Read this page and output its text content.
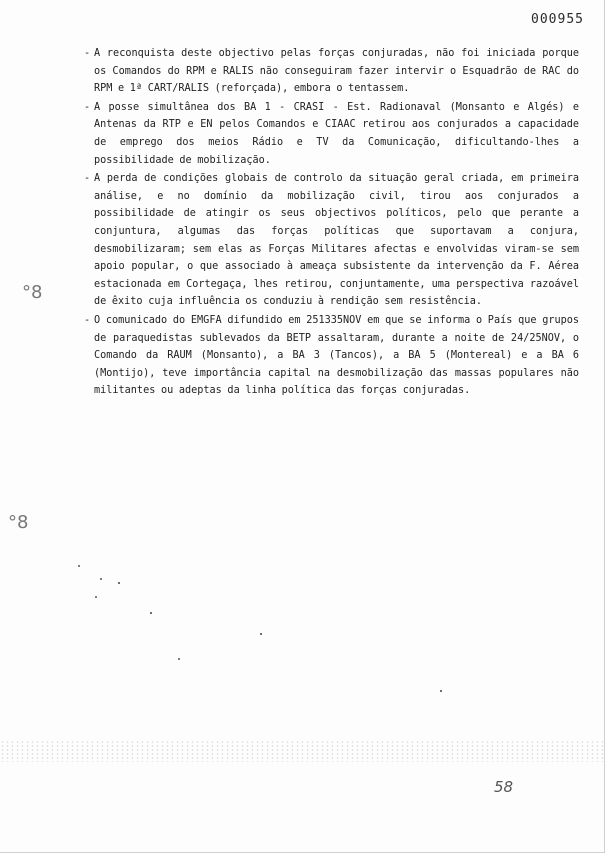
000955

- A reconquista deste objectivo pelas forças conjuradas, não foi iniciada porque os Comandos do RPM e RALIS não conseguiram fazer intervir o Esquadrão de RAC do RPM e 1ª CART/RALIS (reforçada), embora o tentassem.

- A posse simultânea dos BA 1 - CRASI - Est. Radionaval (Monsanto e Algés) e Antenas da RTP e EN pelos Comandos e CIAAC retirou aos conjurados a capacidade de emprego dos meios Rádio e TV da Comunicação, dificultando-lhes a possibilidade de mobilização.

- A perda de condições globais de controlo da situação geral criada, em primeira análise, e no domínio da mobilização civil, tirou aos conjurados a possibilidade de atingir os seus objectivos políticos, pelo que perante a conjuntura, algumas das forças políticas que suportavam a conjura, desmobilizaram; sem elas as Forças Militares afectas e envolvidas viram-se sem apoio popular, o que associado à ameaça subsistente da intervenção da F. Aérea estacionada em Cortegaça, lhes retirou, conjuntamente, uma perspectiva razoável de êxito cuja influência os conduziu à rendição sem resistência.

- O comunicado do EMGFA difundido em 251335NOV em que se informa o País que grupos de paraquedistas sublevados da BETP assaltaram, durante a noite de 24/25NOV, o Comando da RAUM (Monsanto), a BA 3 (Tancos), a BA 5 (Montereal) e a BA 6 (Montijo), teve importância capital na desmobilização das massas populares não militantes ou adeptas da linha política das forças conjuradas.

°8
°8
58
